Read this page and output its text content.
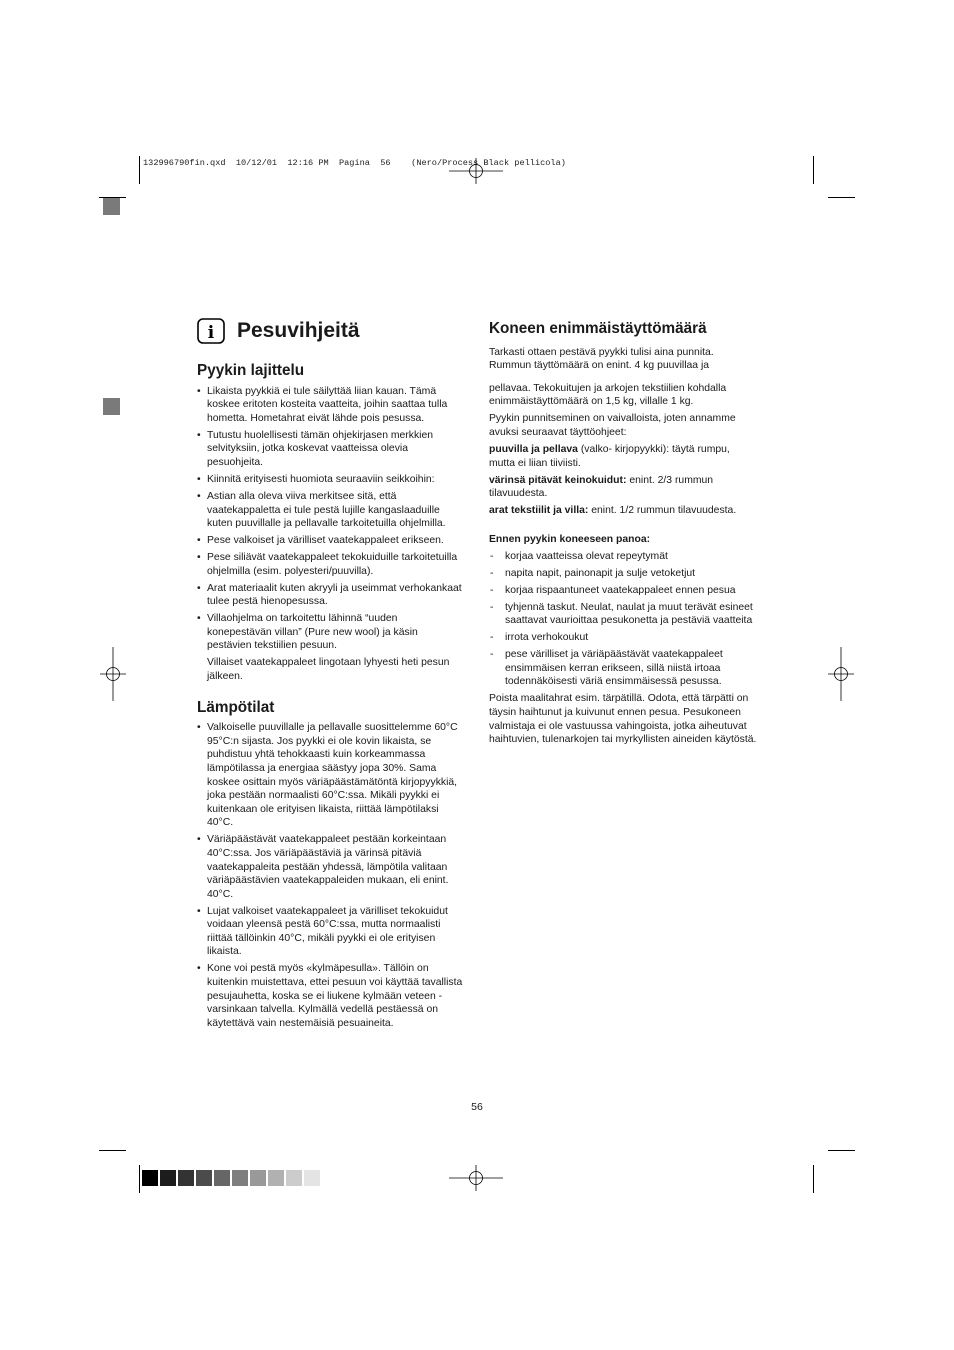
132996790fin.qxd  10/12/01  12:16 PM  Pagina  56    (Nero/Process Black pellicola)
i Pesuvihjeitä
Pyykin lajittelu
• Likaista pyykkiä ei tule säilyttää liian kauan. Tämä koskee eritoten kosteita vaatteita, joihin saattaa tulla hometta. Hometahrat eivät lähde pois pesussa.
• Tutustu huolellisesti tämän ohjekirjasen merkkien selvityksiin, jotka koskevat vaatteissa olevia pesuohjeita.
• Kiinnitä erityisesti huomiota seuraaviin seikkoihin:
• Astian alla oleva viiva merkitsee sitä, että vaatekappaletta ei tule pestä lujille kangaslaaduille kuten puuvillalle ja pellavalle tarkoitetuilla ohjelmilla.
• Pese valkoiset ja värilliset vaatekappaleet erikseen.
• Pese siliävät vaatekappaleet tekokuiduille tarkoitetuilla ohjelmilla (esim. polyesteri/puuvilla).
• Arat materiaalit kuten akryyli ja useimmat verhokankaat tulee pestä hienopesussa.
• Villaohjelma on tarkoitettu lähinnä “uuden konepestävän villan” (Pure new wool) ja käsin pestävien tekstiilien pesuun.

Villaiset vaatekappaleet lingotaan lyhyesti heti pesun jälkeen.

Lämpötilat
• Valkoiselle puuvillalle ja pellavalle suosittelemme 60°C 95°C:n sijasta. Jos pyykki ei ole kovin likaista, se puhdistuu yhtä tehokkaasti kuin korkeammassa lämpötilassa ja energiaa säästyy jopa 30%. Sama koskee osittain myös väriäpäästämätöntä kirjopyykkiä, joka pestään normaalisti 60°C:ssa. Mikäli pyykki ei kuitenkaan ole erityisen likaista, riittää lämpötilaksi 40°C.
• Väriäpäästävät vaatekappaleet pestään korkeintaan 40°C:ssa. Jos väriäpäästäviä ja värinsä pitäviä vaatekappaleita pestään yhdessä, lämpötila valitaan väriäpäästävien vaatekappaleiden mukaan, eli enint. 40°C.
• Lujat valkoiset vaatekappaleet ja värilliset tekokuidut voidaan yleensä pestä 60°C:ssa, mutta normaalisti riittää tällöinkin 40°C, mikäli pyykki ei ole erityisen likaista.
• Kone voi pestä myös «kylmäpesulla». Tällöin on kuitenkin muistettava, ettei pesuun voi käyttää tavallista pesujauhetta, koska se ei liukene kylmään veteen - varsinkaan talvella. Kylmällä vedellä pestäessä on käytettävä vain nestemäisiä pesuaineita.
Koneen enimmäistäyttömäärä

Tarkasti ottaen pestävä pyykki tulisi aina punnita. Rummun täyttömäärä on enint. 4 kg puuvillaa ja

pellavaa. Tekokuitujen ja arkojen tekstiilien kohdalla enimmäistäyttömäärä on 1,5 kg, villalle 1 kg.

Pyykin punnitseminen on vaivalloista, joten annamme avuksi seuraavat täyttöohjeet:

puuvilla ja pellava (valko- kirjopyykki): täytä rumpu, mutta ei liian tiiviisti.

värinsä pitävät keinokuidut: enint. 2/3 rummun tilavuudesta.

arat tekstiilit ja villa: enint. 1/2 rummun tilavuudesta.

Ennen pyykin koneeseen panoa:

- korjaa vaatteissa olevat repeytymät
- napita napit, painonapit ja sulje vetoketjut
- korjaa rispaantuneet vaatekappaleet ennen pesua
- tyhjennä taskut. Neulat, naulat ja muut terävät esineet saattavat vaurioittaa pesukonetta ja pestäviä vaatteita
- irrota verhokoukut
- pese värilliset ja väriäpäästävät vaatekappaleet ensimmäisen kerran erikseen, sillä niistä irtoaa todennäköisesti väriä ensimmäisessä pesussa.

Poista maalitahrat esim. tärpätillä. Odota, että tärpätti on täysin haihtunut ja kuivunut ennen pesua. Pesukoneen valmistaja ei ole vastuussa vahingoista, jotka aiheutuvat haihtuvien, tulenarkojen tai myrkyllisten aineiden käytöstä.

56
